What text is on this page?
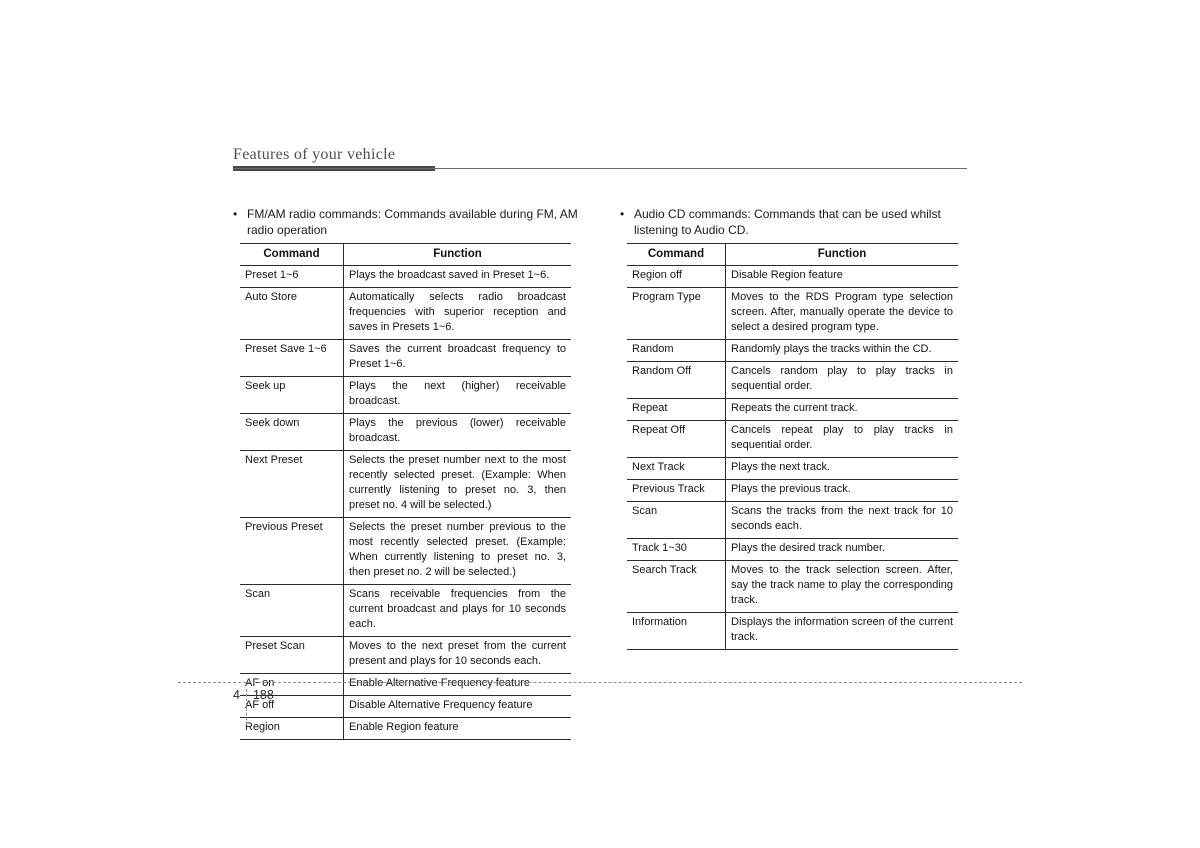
Features of your vehicle
• FM/AM radio commands: Commands available during FM, AM radio operation
• Audio CD commands: Commands that can be used whilst listening to Audio CD.
Command	Function
Preset 1~6	Plays the broadcast saved in Preset 1~6.
Auto Store	Automatically selects radio broadcast frequencies with superior reception and saves in Presets 1~6.
Preset Save 1~6	Saves the current broadcast frequency to Preset 1~6.
Seek up	Plays the next (higher) receivable broadcast.
Seek down	Plays the previous (lower) receivable broadcast.
Next Preset	Selects the preset number next to the most recently selected preset. (Example: When currently listening to preset no. 3, then preset no. 4 will be selected.)
Previous Preset	Selects the preset number previous to the most recently selected preset. (Example: When currently listening to preset no. 3, then preset no. 2 will be selected.)
Scan	Scans receivable frequencies from the current broadcast and plays for 10 seconds each.
Preset Scan	Moves to the next preset from the current present and plays for 10 seconds each.
AF on	Enable Alternative Frequency feature
AF off	Disable Alternative Frequency feature
Region	Enable Region feature
Command	Function
Region off	Disable Region feature
Program Type	Moves to the RDS Program type selection screen. After, manually operate the device to select a desired program type.
Random	Randomly plays the tracks within the CD.
Random Off	Cancels random play to play tracks in sequential order.
Repeat	Repeats the current track.
Repeat Off	Cancels repeat play to play tracks in sequential order.
Next Track	Plays the next track.
Previous Track	Plays the previous track.
Scan	Scans the tracks from the next track for 10 seconds each.
Track 1~30	Plays the desired track number.
Search Track	Moves to the track selection screen. After, say the track name to play the corresponding track.
Information	Displays the information screen of the current track.
4 188
